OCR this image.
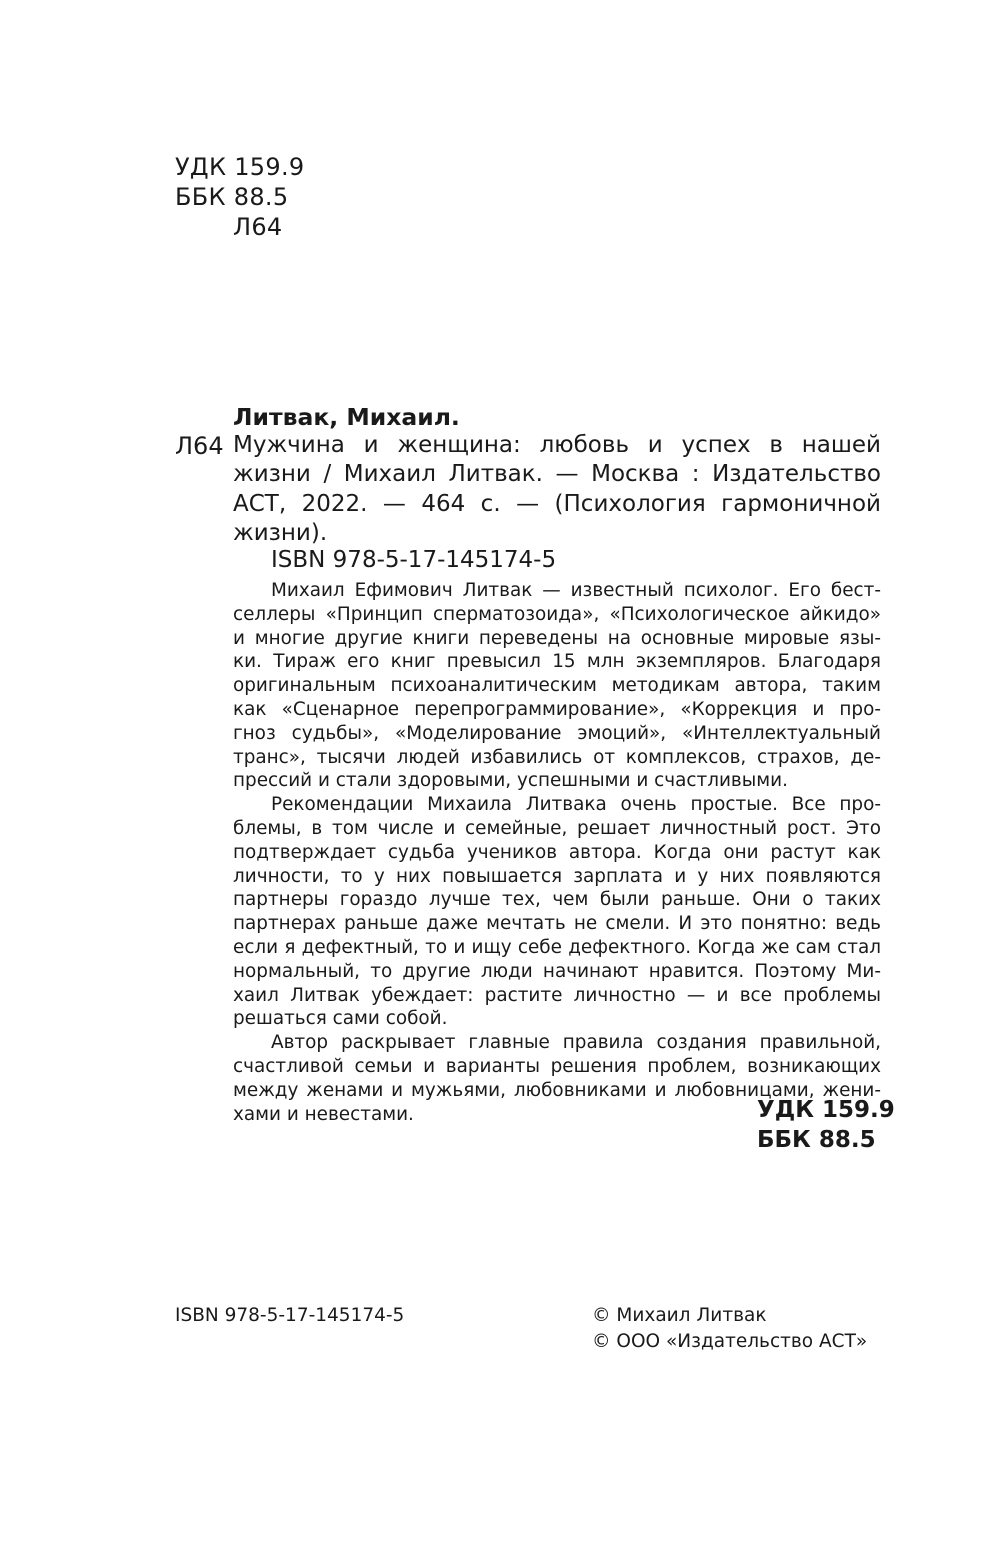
УДК 159.9
ББК 88.5
Л64
Литвак, Михаил.
Л64 Мужчина и женщина: любовь и успех в нашей
жизни / Михаил Литвак. — Москва : Издательство
АСТ, 2022. — 464 с. — (Психология гармоничной
жизни).
ISBN 978-5-17-145174-5
Михаил Ефимович Литвак — известный психолог. Его бест-
селлеры «Принцип сперматозоида», «Психологическое айкидо»
и многие другие книги переведены на основные мировые язы-
ки. Тираж его книг превысил 15 млн экземпляров. Благодаря
оригинальным психоаналитическим методикам автора, таким
как «Сценарное перепрограммирование», «Коррекция и про-
гноз судьбы», «Моделирование эмоций», «Интеллектуальный
транс», тысячи людей избавились от комплексов, страхов, де-
прессий и стали здоровыми, успешными и счастливыми.
Рекомендации Михаила Литвака очень простые. Все про-
блемы, в том числе и семейные, решает личностный рост. Это
подтверждает судьба учеников автора. Когда они растут как
личности, то у них повышается зарплата и у них появляются
партнеры гораздо лучше тех, чем были раньше. Они о таких
партнерах раньше даже мечтать не смели. И это понятно: ведь
если я дефектный, то и ищу себе дефектного. Когда же сам стал
нормальный, то другие люди начинают нравится. Поэтому Ми-
хаил Литвак убеждает: растите личностно — и все проблемы
решаться сами собой.
Автор раскрывает главные правила создания правильной,
счастливой семьи и варианты решения проблем, возникающих
между женами и мужьями, любовниками и любовницами, жени-
хами и невестами.	УДК 159.9
ББК 88.5
ISBN 978-5-17-145174-5	© Михаил Литвак
© ООО «Издательство АСТ»
